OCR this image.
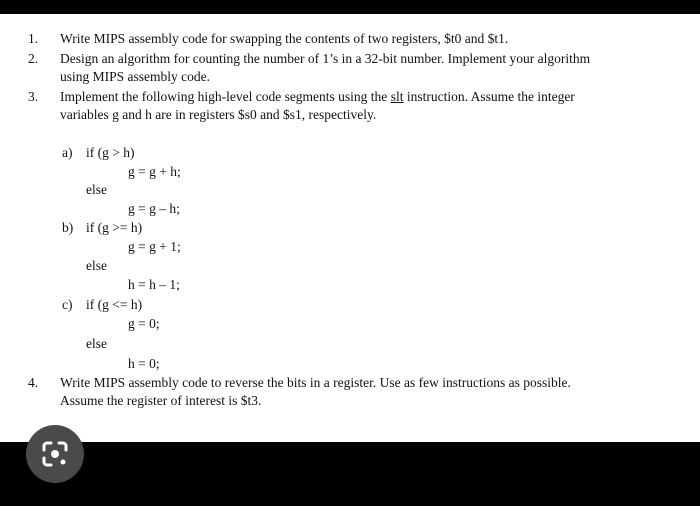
1. Write MIPS assembly code for swapping the contents of two registers, $t0 and $t1.
2. Design an algorithm for counting the number of 1’s in a 32-bit number. Implement your algorithm
using MIPS assembly code.
3. Implement the following high-level code segments using the slt instruction. Assume the integer
variables g and h are in registers $s0 and $s1, respectively.
a) if (g > h)
g = g + h;
else
g = g – h;
b) if (g >= h)
g = g + 1;
else
h = h – 1;
c) if (g <= h)
g = 0;
else
h = 0;
4. Write MIPS assembly code to reverse the bits in a register. Use as few instructions as possible.
Assume the register of interest is $t3.
